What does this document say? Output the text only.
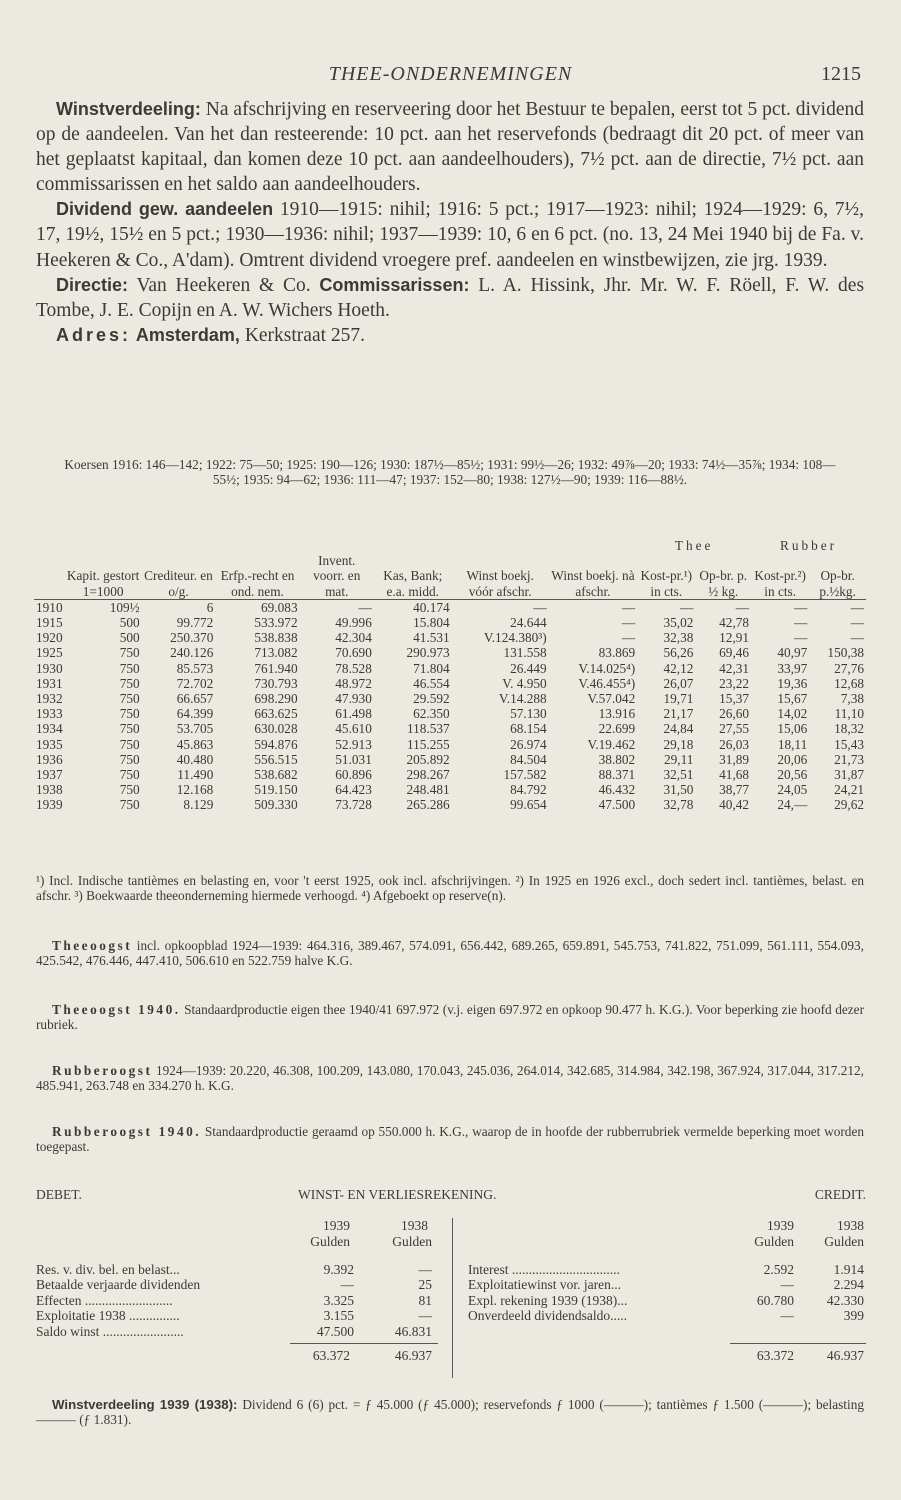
THEE-ONDERNEMINGEN	1215

Winstverdeeling: Na afschrijving en reserveering door het Bestuur te bepalen, eerst tot 5 pct. dividend op de aandeelen. Van het dan resteerende: 10 pct. aan het reservefonds (bedraagt dit 20 pct. of meer van het geplaatst kapitaal, dan komen deze 10 pct. aan aandeelhouders), 7½ pct. aan de directie, 7½ pct. aan commissarissen en het saldo aan aandeelhouders.

Dividend gew. aandeelen 1910—1915: nihil; 1916: 5 pct.; 1917—1923: nihil; 1924—1929: 6, 7½, 17, 19½, 15½ en 5 pct.; 1930—1936: nihil; 1937—1939: 10, 6 en 6 pct. (no. 13, 24 Mei 1940 bij de Fa. v. Heekeren & Co., A'dam). Omtrent dividend vroegere pref. aandeelen en winstbewijzen, zie jrg. 1939.

Directie: Van Heekeren & Co. Commissarissen: L. A. Hissink, Jhr. Mr. W. F. Röell, F. W. des Tombe, J. E. Copijn en A. W. Wichers Hoeth.

Adres: Amsterdam, Kerkstraat 257.

Koersen 1916: 146—142; 1922: 75—50; 1925: 190—126; 1930: 187½—85½; 1931: 99½—26; 1932: 49⅞—20; 1933: 74½—35⅞; 1934: 108—55½; 1935: 94—62; 1936: 111—47; 1937: 152—80; 1938: 127½—90; 1939: 116—88½.
								Thee		Rubber	
	Kapit. gestort 1=1000	Crediteur. en o/g.	Erfp.-recht en ond. nem.	Invent. voorr. en mat.	Kas, Bank; e.a. midd.	Winst boekj. vóór afschr.	Winst boekj. nà afschr.	Kost-pr.¹) in cts.	Op-br. p. ½ kg.	Kost-pr.²) in cts.	Op-br. p.½kg.
1910	109½	6	69.083	—	40.174	—	—	—	—	—	—
1915	500	99.772	533.972	49.996	15.804	24.644	—	35,02	42,78	—	—
1920	500	250.370	538.838	42.304	41.531	V.124.380³)	—	32,38	12,91	—	—
1925	750	240.126	713.082	70.690	290.973	131.558	83.869	56,26	69,46	40,97	150,38
1930	750	85.573	761.940	78.528	71.804	26.449	V.14.025⁴)	42,12	42,31	33,97	27,76
1931	750	72.702	730.793	48.972	46.554	V. 4.950	V.46.455⁴)	26,07	23,22	19,36	12,68
1932	750	66.657	698.290	47.930	29.592	V.14.288	V.57.042	19,71	15,37	15,67	7,38
1933	750	64.399	663.625	61.498	62.350	57.130	13.916	21,17	26,60	14,02	11,10
1934	750	53.705	630.028	45.610	118.537	68.154	22.699	24,84	27,55	15,06	18,32
1935	750	45.863	594.876	52.913	115.255	26.974	V.19.462	29,18	26,03	18,11	15,43
1936	750	40.480	556.515	51.031	205.892	84.504	38.802	29,11	31,89	20,06	21,73
1937	750	11.490	538.682	60.896	298.267	157.582	88.371	32,51	41,68	20,56	31,87
1938	750	12.168	519.150	64.423	248.481	84.792	46.432	31,50	38,77	24,05	24,21
1939	750	8.129	509.330	73.728	265.286	99.654	47.500	32,78	40,42	24,—	29,62
¹) Incl. Indische tantièmes en belasting en, voor 't eerst 1925, ook incl. afschrijvingen. ²) In 1925 en 1926 excl., doch sedert incl. tantièmes, belast. en afschr. ³) Boekwaarde theeonderneming hiermede verhoogd. ⁴) Afgeboekt op reserve(n).

Theeoogst incl. opkoopblad 1924—1939: 464.316, 389.467, 574.091, 656.442, 689.265, 659.891, 545.753, 741.822, 751.099, 561.111, 554.093, 425.542, 476.446, 447.410, 506.610 en 522.759 halve K.G.

Theeoogst 1940. Standaardproductie eigen thee 1940/41 697.972 (v.j. eigen 697.972 en opkoop 90.477 h. K.G.). Voor beperking zie hoofd dezer rubriek.

Rubberoogst 1924—1939: 20.220, 46.308, 100.209, 143.080, 170.043, 245.036, 264.014, 342.685, 314.984, 342.198, 367.924, 317.044, 317.212, 485.941, 263.748 en 334.270 h. K.G.

Rubberoogst 1940. Standaardproductie geraamd op 550.000 h. K.G., waarop de in hoofde der rubberrubriek vermelde beperking moet worden toegepast.

DEBET.	WINST- EN VERLIESREKENING.	CREDIT.
1939	1938
Gulden	Gulden
1939	1938
Gulden	Gulden
Res. v. div. bel. en belast...	9.392	—
Betaalde verjaarde dividenden	—	25
Effecten ..........................	3.325	81
Exploitatie 1938 ...............	3.155	—
Saldo winst ........................	47.500	46.831
Interest ................................	2.592	1.914
Exploitatiewinst vor. jaren...	—	2.294
Expl. rekening 1939 (1938)...	60.780	42.330
Onverdeeld dividendsaldo.....	—	399
63.372	46.937	63.372	46.937

Winstverdeeling 1939 (1938): Dividend 6 (6) pct. = ƒ 45.000 (ƒ 45.000); reservefonds ƒ 1000 (———); tantièmes ƒ 1.500 (———); belasting ——— (ƒ 1.831).
